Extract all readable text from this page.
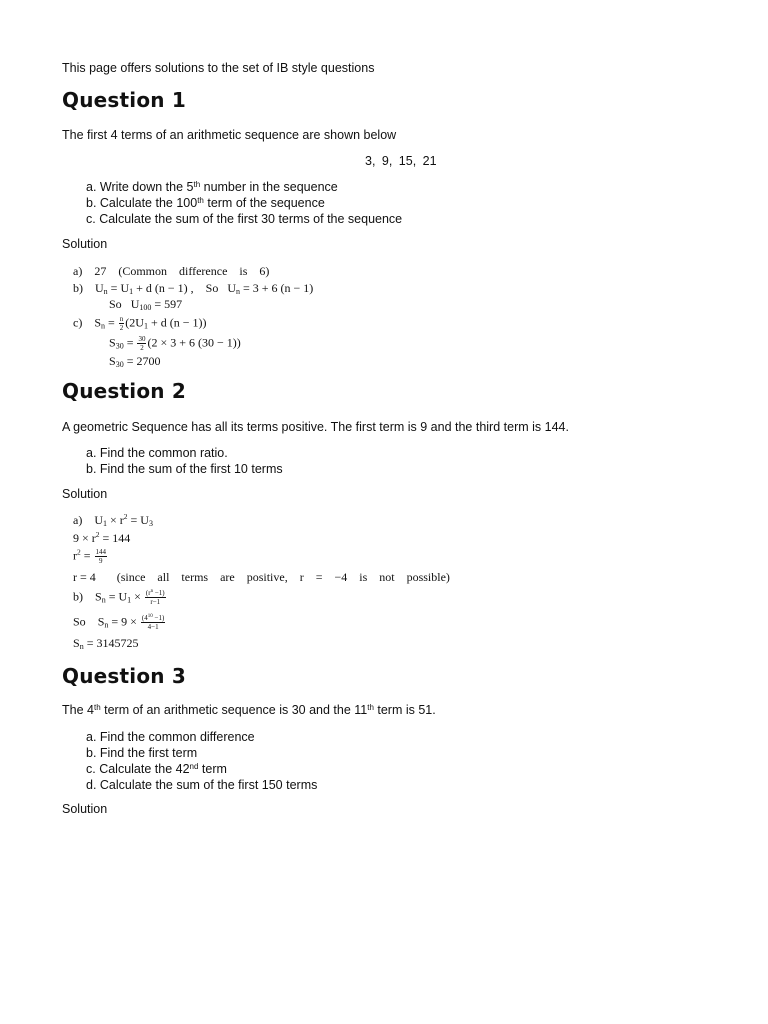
This page offers solutions to the set of IB style questions
Question 1
The first 4 terms of an arithmetic sequence are shown below
3, 9, 15, 21
a. Write down the 5th number in the sequence
b. Calculate the 100th term of the sequence
c. Calculate the sum of the first 30 terms of the sequence
Solution
a) 27 (Common difference is 6)
b)    $U_n = U_1 + d$ (n − 1) ,    So   $U_n = 3 + 6$ (n − 1)
So   $U_{100} = 597$
c)    $S_n = \frac{n}{2} (2U_1 + d$ (n − 1))
$S_{30} = \frac{30}{2} (2 \times 3 + 6$ (30 − 1))
$S_{30} = 2700$
Question 2
A geometric Sequence has all its terms positive. The first term is 9 and the third term is 144.
a. Find the common ratio.
b. Find the sum of the first 10 terms
Solution
a)    $U_1 \times r^2 = U_3$
$9 \times r^2 = 144$
$r^2 = \frac{144}{9}$
r = 4 (since all terms are positive, r = −4 is not possible)
b)    $S_n = U_1 \times \frac{(r^n -1)}{r-1}$
So    $S_n = 9 \times \frac{(4^{10} -1)}{4-1}$
$S_n = 3145725$
Question 3
The 4th term of an arithmetic sequence is 30 and the 11th term is 51.
a. Find the common difference
b. Find the first term
c. Calculate the 42nd term
d. Calculate the sum of the first 150 terms
Solution
